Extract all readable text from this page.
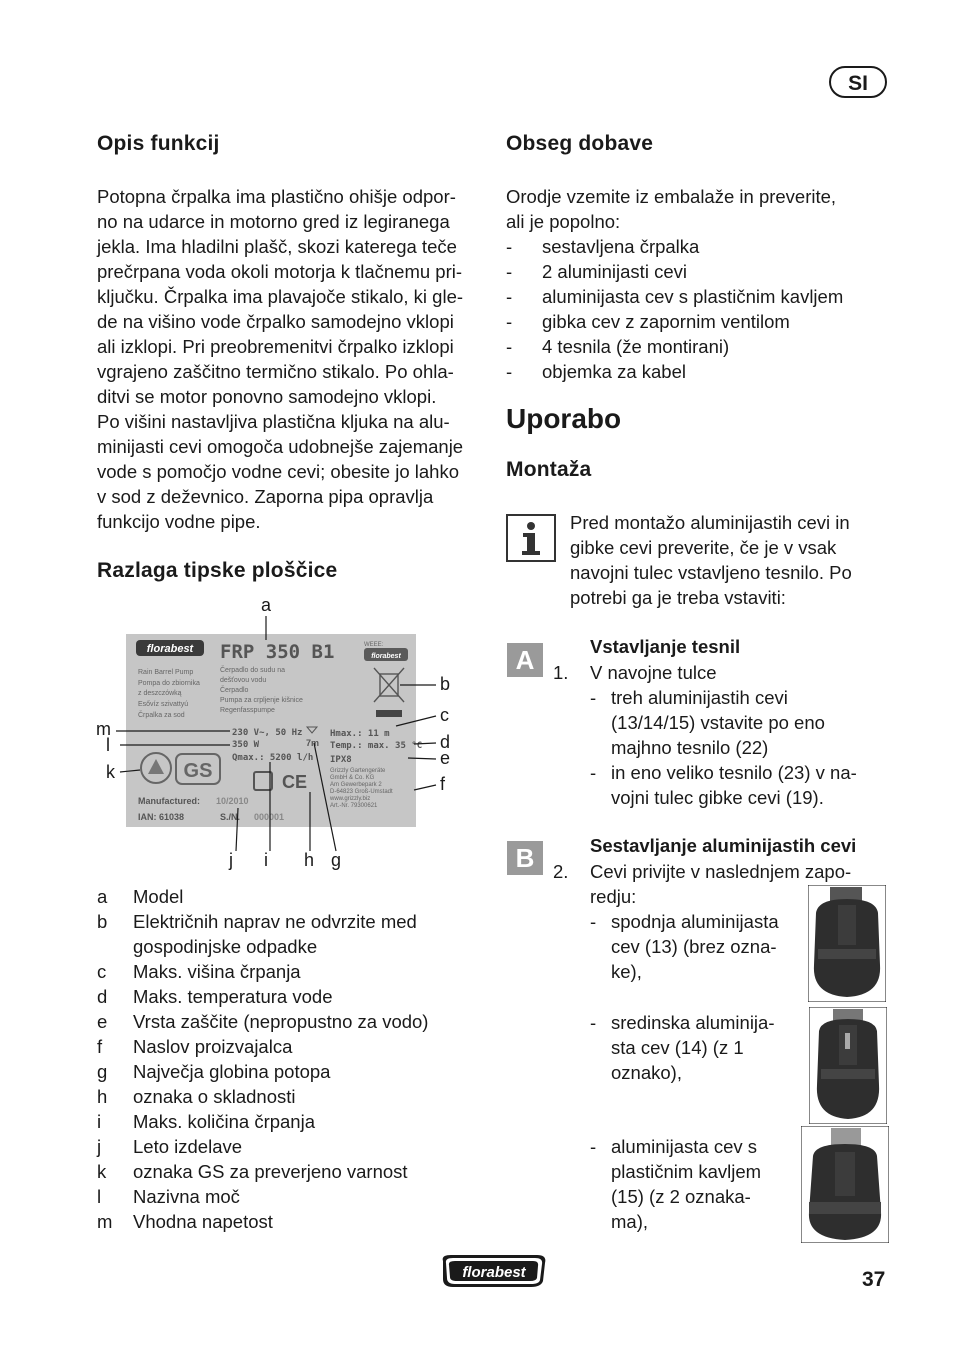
SI
Opis funkcij
Potopna črpalka ima plastično ohišje odpor-
no na udarce in motorno gred iz legiranega
jekla. Ima hladilni plašč, skozi katerega teče
prečrpana voda okoli motorja k tlačnemu pri-
ključku. Črpalka ima plavajoče stikalo, ki gle-
de na višino vode črpalko samodejno vklopi
ali izklopi. Pri preobremenitvi črpalko izklopi
vgrajeno zaščitno termično stikalo. Po ohla-
ditvi se motor ponovno samodejno vklopi.
Po višini nastavljiva plastična kljuka na alu-
minijasti cevi omogoča udobnejše zajemanje
vode s pomočjo vodne cevi; obesite jo lahko
v sod z deževnico. Zaporna pipa opravlja
funkcijo vodne pipe.
Razlaga tipske ploščice
florabest FRP 350 B1	WEEE:
florabest
Rain Barrel Pump
Pompa do zbiornika
z deszczówką
Esővíz szivattyú
Črpalka za sod
Čerpadlo do sudu na
dešťovou vodu
Čerpadlo
Pumpa za crpljenje kišnice
Regenfasspumpe
230 V~, 50 Hz
350 W
Qmax.: 5200 l/h
Hmax.: 11 m
Temp.: max. 35 °C
IPX8
7m
Grizzly Gartengeräte
GmbH & Co. KG
Am Gewerbepark 2
D-64823 Groß-Umstadt
www.grizzly.biz
Art.-Nr. 79300621
GS	CE
Manufactured:
IAN: 61038	S./N.
10/2010
000001
a
b
c
d
e
f
g
h
i
j
k
l
m
a	Model
b	Električnih naprav ne odvrzite med
gospodinjske odpadke
c	Maks. višina črpanja
d	Maks. temperatura vode
e	Vrsta zaščite (nepropustno za vodo)
f	Naslov proizvajalca
g	Največja globina potopa
h	oznaka o skladnosti
i	Maks. količina črpanja
j	Leto izdelave
k	oznaka GS za preverjeno varnost
l	Nazivna moč
m	Vhodna napetost
Obseg dobave
Orodje vzemite iz embalaže in preverite,
ali je popolno:
-	sestavljena črpalka
-	2 aluminijasti cevi
-	aluminijasta cev s plastičnim kavljem
-	gibka cev z zapornim ventilom
-	4 tesnila (že montirani)
-	objemka za kabel
Uporabo
Montaža
Pred montažo aluminijastih cevi in
gibke cevi preverite, če je v vsak
navojni tulec vstavljeno tesnilo. Po
potrebi ga je treba vstaviti:
A	Vstavljanje tesnil
1. V navojne tulce
- treh aluminijastih cevi
(13/14/15) vstavite po eno
majhno tesnilo (22)
- in eno veliko tesnilo (23) v na-
vojni tulec gibke cevi (19).
B	Sestavljanje aluminijastih cevi
2. Cevi privijte v naslednjem zapo-
redju:
- spodnja aluminijasta
cev (13) (brez ozna-
ke),
- sredinska aluminija-
sta cev (14) (z 1
oznako),
- aluminijasta cev s
plastičnim kavljem
(15) (z 2 oznaka-
ma),
florabest	37
